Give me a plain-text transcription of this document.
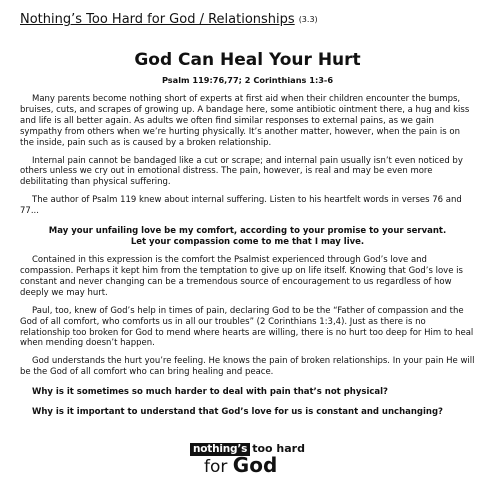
Nothing’s Too Hard for God / Relationships (3.3)
God Can Heal Your Hurt
Psalm 119:76,77; 2 Corinthians 1:3-6

Many parents become nothing short of experts at first aid when their children encounter the bumps, bruises, cuts, and scrapes of growing up. A bandage here, some antibiotic ointment there, a hug and kiss and life is all better again. As adults we often find similar responses to external pains, as we gain sympathy from others when we’re hurting physically. It’s another matter, however, when the pain is on the inside, pain such as is caused by a broken relationship.

Internal pain cannot be bandaged like a cut or scrape; and internal pain usually isn’t even noticed by others unless we cry out in emotional distress. The pain, however, is real and may be even more debilitating than physical suffering.

The author of Psalm 119 knew about internal suffering. Listen to his heartfelt words in verses 76 and 77...

May your unfailing love be my comfort, according to your promise to your servant.
Let your compassion come to me that I may live.

Contained in this expression is the comfort the Psalmist experienced through God’s love and compassion. Perhaps it kept him from the temptation to give up on life itself. Knowing that God’s love is constant and never changing can be a tremendous source of encouragement to us regardless of how deeply we may hurt.

Paul, too, knew of God’s help in times of pain, declaring God to be the “Father of compassion and the God of all comfort, who comforts us in all our troubles” (2 Corinthians 1:3,4). Just as there is no relationship too broken for God to mend where hearts are willing, there is no hurt too deep for Him to heal when mending doesn’t happen.

God understands the hurt you’re feeling. He knows the pain of broken relationships. In your pain He will be the God of all comfort who can bring healing and peace.

Why is it sometimes so much harder to deal with pain that’s not physical?

Why is it important to understand that God’s love for us is constant and unchanging?

nothing’s too hard
for God
